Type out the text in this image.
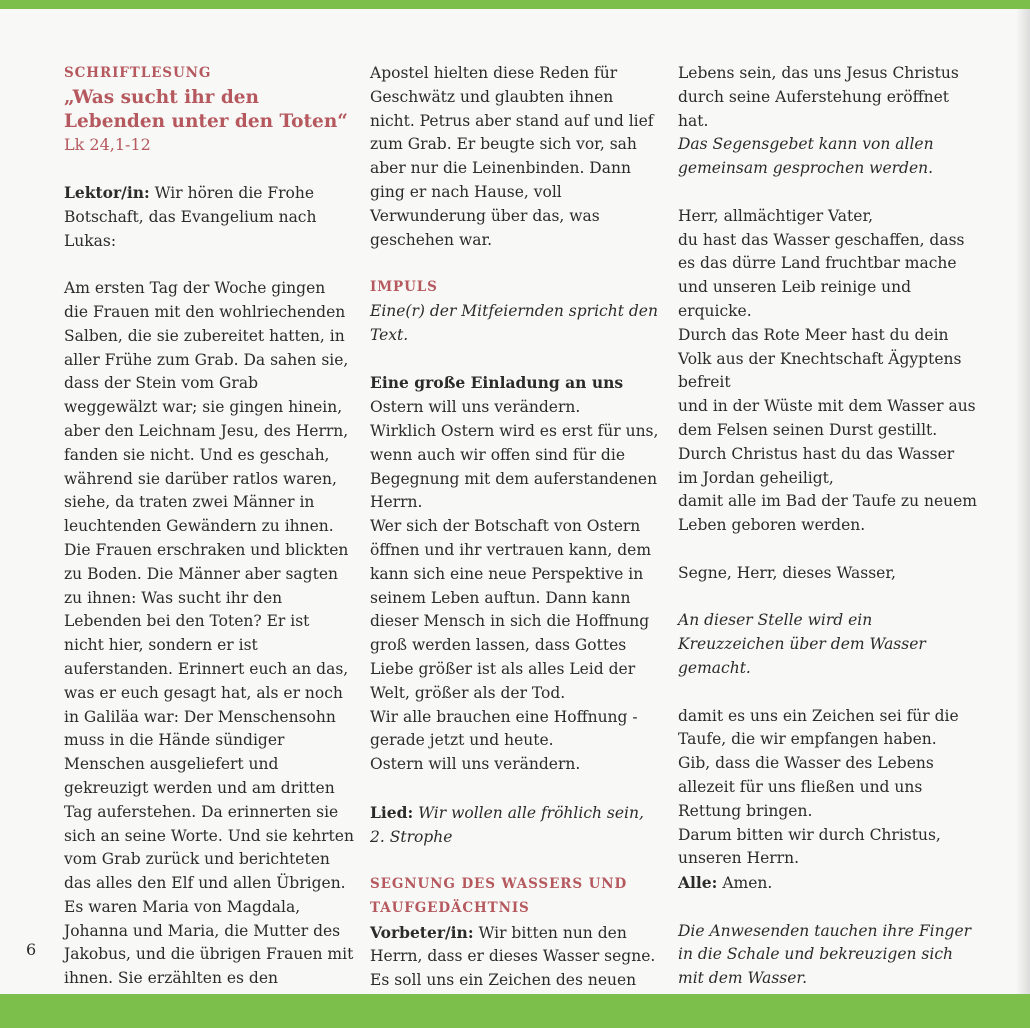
SCHRIFTLESUNG

„Was sucht ihr den Lebenden unter den Toten“

Lk 24,1-12

Lektor/in: Wir hören die Frohe Botschaft, das Evangelium nach Lukas:

Am ersten Tag der Woche gingen die Frauen mit den wohlriechenden Salben, die sie zubereitet hatten, in aller Frühe zum Grab. Da sahen sie, dass der Stein vom Grab weggewälzt war; sie gingen hinein, aber den Leichnam Jesu, des Herrn, fanden sie nicht. Und es geschah, während sie darüber ratlos waren, siehe, da traten zwei Männer in leuchtenden Gewändern zu ihnen. Die Frauen erschraken und blickten zu Boden. Die Männer aber sagten zu ihnen: Was sucht ihr den Lebenden bei den Toten? Er ist nicht hier, sondern er ist auferstanden. Erinnert euch an das, was er euch gesagt hat, als er noch in Galiläa war: Der Menschensohn muss in die Hände sündiger Menschen ausgeliefert und gekreuzigt werden und am dritten Tag auferstehen. Da erinnerten sie sich an seine Worte. Und sie kehrten vom Grab zurück und berichteten das alles den Elf und allen Übrigen. Es waren Maria von Magdala, Johanna und Maria, die Mutter des Jakobus, und die übrigen Frauen mit ihnen. Sie erzählten es den

Apostel hielten diese Reden für Geschwätz und glaubten ihnen nicht. Petrus aber stand auf und lief zum Grab. Er beugte sich vor, sah aber nur die Leinenbinden. Dann ging er nach Hause, voll Verwunderung über das, was geschehen war.

IMPULS

Eine(r) der Mitfeiernden spricht den Text.

Eine große Einladung an uns

Ostern will uns verändern.

Wirklich Ostern wird es erst für uns, wenn auch wir offen sind für die Begegnung mit dem auferstandenen Herrn.

Wer sich der Botschaft von Ostern öffnen und ihr vertrauen kann, dem kann sich eine neue Perspektive in seinem Leben auftun. Dann kann dieser Mensch in sich die Hoffnung groß werden lassen, dass Gottes Liebe größer ist als alles Leid der Welt, größer als der Tod.

Wir alle brauchen eine Hoffnung - gerade jetzt und heute.

Ostern will uns verändern.

Lied: Wir wollen alle fröhlich sein, 2. Strophe

SEGNUNG DES WASSERS UND TAUFGEDÄCHTNIS

Vorbeter/in: Wir bitten nun den Herrn, dass er dieses Wasser segne. Es soll uns ein Zeichen des neuen

Lebens sein, das uns Jesus Christus durch seine Auferstehung eröffnet hat.

Das Segensgebet kann von allen gemeinsam gesprochen werden.

Herr, allmächtiger Vater,

du hast das Wasser geschaffen, dass es das dürre Land fruchtbar mache und unseren Leib reinige und erquicke.

Durch das Rote Meer hast du dein Volk aus der Knechtschaft Ägyptens befreit

und in der Wüste mit dem Wasser aus dem Felsen seinen Durst gestillt.

Durch Christus hast du das Wasser im Jordan geheiligt,

damit alle im Bad der Taufe zu neuem Leben geboren werden.

Segne, Herr, dieses Wasser,

An dieser Stelle wird ein Kreuzzeichen über dem Wasser gemacht.

damit es uns ein Zeichen sei für die Taufe, die wir empfangen haben.

Gib, dass die Wasser des Lebens allezeit für uns fließen und uns Rettung bringen.

Darum bitten wir durch Christus, unseren Herrn.

Alle: Amen.

Die Anwesenden tauchen ihre Finger in die Schale und bekreuzigen sich mit dem Wasser.

6
